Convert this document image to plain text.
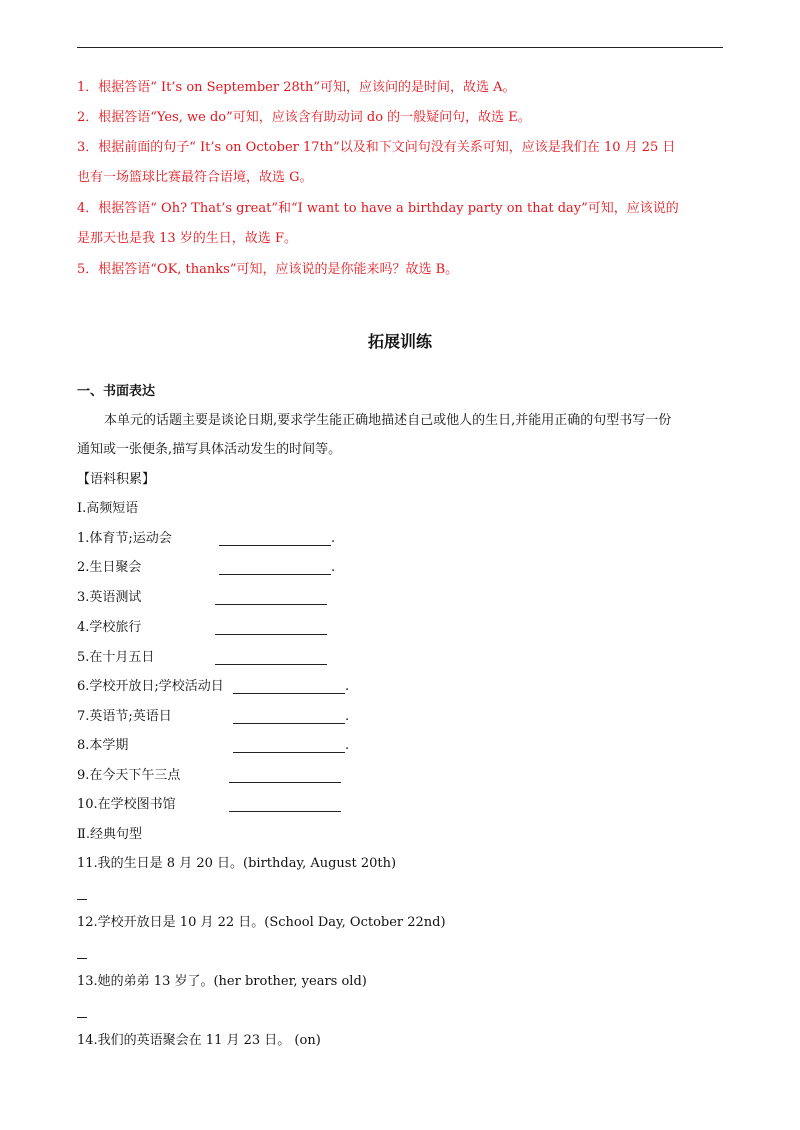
1．根据答语“ It’s on September 28th”可知，应该问的是时间，故选 A。
2．根据答语“Yes, we do”可知，应该含有助动词 do 的一般疑问句，故选 E。
3．根据前面的句子“ It’s on October 17th”以及和下文问句没有关系可知，应该是我们在 10 月 25 日
也有一场篮球比赛最符合语境，故选 G。
4．根据答语“ Oh? That’s great”和“I want to have a birthday party on that day”可知，应该说的
是那天也是我 13 岁的生日，故选 F。
5．根据答语“OK, thanks”可知，应该说的是你能来吗？故选 B。
拓展训练
一、书面表达
本单元的话题主要是谈论日期,要求学生能正确地描述自己或他人的生日,并能用正确的句型书写一份
通知或一张便条,描写具体活动发生的时间等。
【语料积累】
Ⅰ.高频短语
1.体育节;运动会	.
2.生日聚会	.
3.英语测试
4.学校旅行
5.在十月五日
6.学校开放日;学校活动日	.
7.英语节;英语日	.
8.本学期	.
9.在今天下午三点
10.在学校图书馆
Ⅱ.经典句型
11.我的生日是 8 月 20 日。(birthday, August 20th)
12.学校开放日是 10 月 22 日。(School Day, October 22nd)
13.她的弟弟 13 岁了。(her brother, years old)
14.我们的英语聚会在 11 月 23 日。 (on)
